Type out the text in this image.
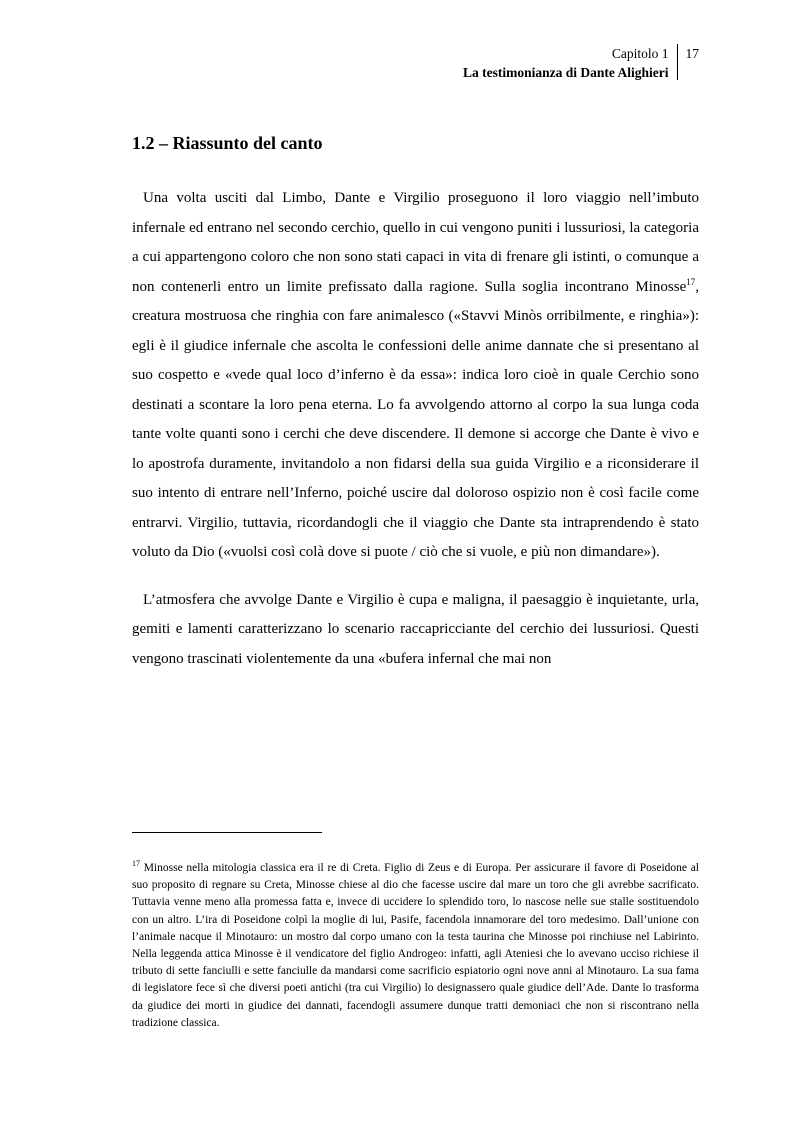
Capitolo 1
La testimonianza di Dante Alighieri
17
1.2 – Riassunto del canto

Una volta usciti dal Limbo, Dante e Virgilio proseguono il loro viaggio nell’imbuto infernale ed entrano nel secondo cerchio, quello in cui vengono puniti i lussuriosi, la categoria a cui appartengono coloro che non sono stati capaci in vita di frenare gli istinti, o comunque a non contenerli entro un limite prefissato dalla ragione. Sulla soglia incontrano Minosse$^{17}$, creatura mostruosa che ringhia con fare animalesco («Stavvi Minòs orribilmente, e ringhia»): egli è il giudice infernale che ascolta le confessioni delle anime dannate che si presentano al suo cospetto e «vede qual loco d’inferno è da essa»: indica loro cioè in quale Cerchio sono destinati a scontare la loro pena eterna. Lo fa avvolgendo attorno al corpo la sua lunga coda tante volte quanti sono i cerchi che deve discendere. Il demone si accorge che Dante è vivo e lo apostrofa duramente, invitandolo a non fidarsi della sua guida Virgilio e a riconsiderare il suo intento di entrare nell’Inferno, poiché uscire dal doloroso ospizio non è così facile come entrarvi. Virgilio, tuttavia, ricordandogli che il viaggio che Dante sta intraprendendo è stato voluto da Dio («vuolsi così colà dove si puote / ciò che si vuole, e più non dimandare»).

L’atmosfera che avvolge Dante e Virgilio è cupa e maligna, il paesaggio è inquietante, urla, gemiti e lamenti caratterizzano lo scenario raccapricciante del cerchio dei lussuriosi. Questi vengono trascinati violentemente da una «bufera infernal che mai non

$^{17}$ Minosse nella mitologia classica era il re di Creta. Figlio di Zeus e di Europa. Per assicurare il favore di Poseidone al suo proposito di regnare su Creta, Minosse chiese al dio che facesse uscire dal mare un toro che gli avrebbe sacrificato. Tuttavia venne meno alla promessa fatta e, invece di uccidere lo splendido toro, lo nascose nelle sue stalle sostituendolo con un altro. L’ira di Poseidone colpì la moglie di lui, Pasife, facendola innamorare del toro medesimo. Dall’unione con l’animale nacque il Minotauro: un mostro dal corpo umano con la testa taurina che Minosse poi rinchiuse nel Labirinto. Nella leggenda attica Minosse è il vendicatore del figlio Androgeo: infatti, agli Ateniesi che lo avevano ucciso richiese il tributo di sette fanciulli e sette fanciulle da mandarsi come sacrificio espiatorio ogni nove anni al Minotauro. La sua fama di legislatore fece sì che diversi poeti antichi (tra cui Virgilio) lo designassero quale giudice dell’Ade. Dante lo trasforma da giudice dei morti in giudice dei dannati, facendogli assumere dunque tratti demoniaci che non si riscontrano nella tradizione classica.
